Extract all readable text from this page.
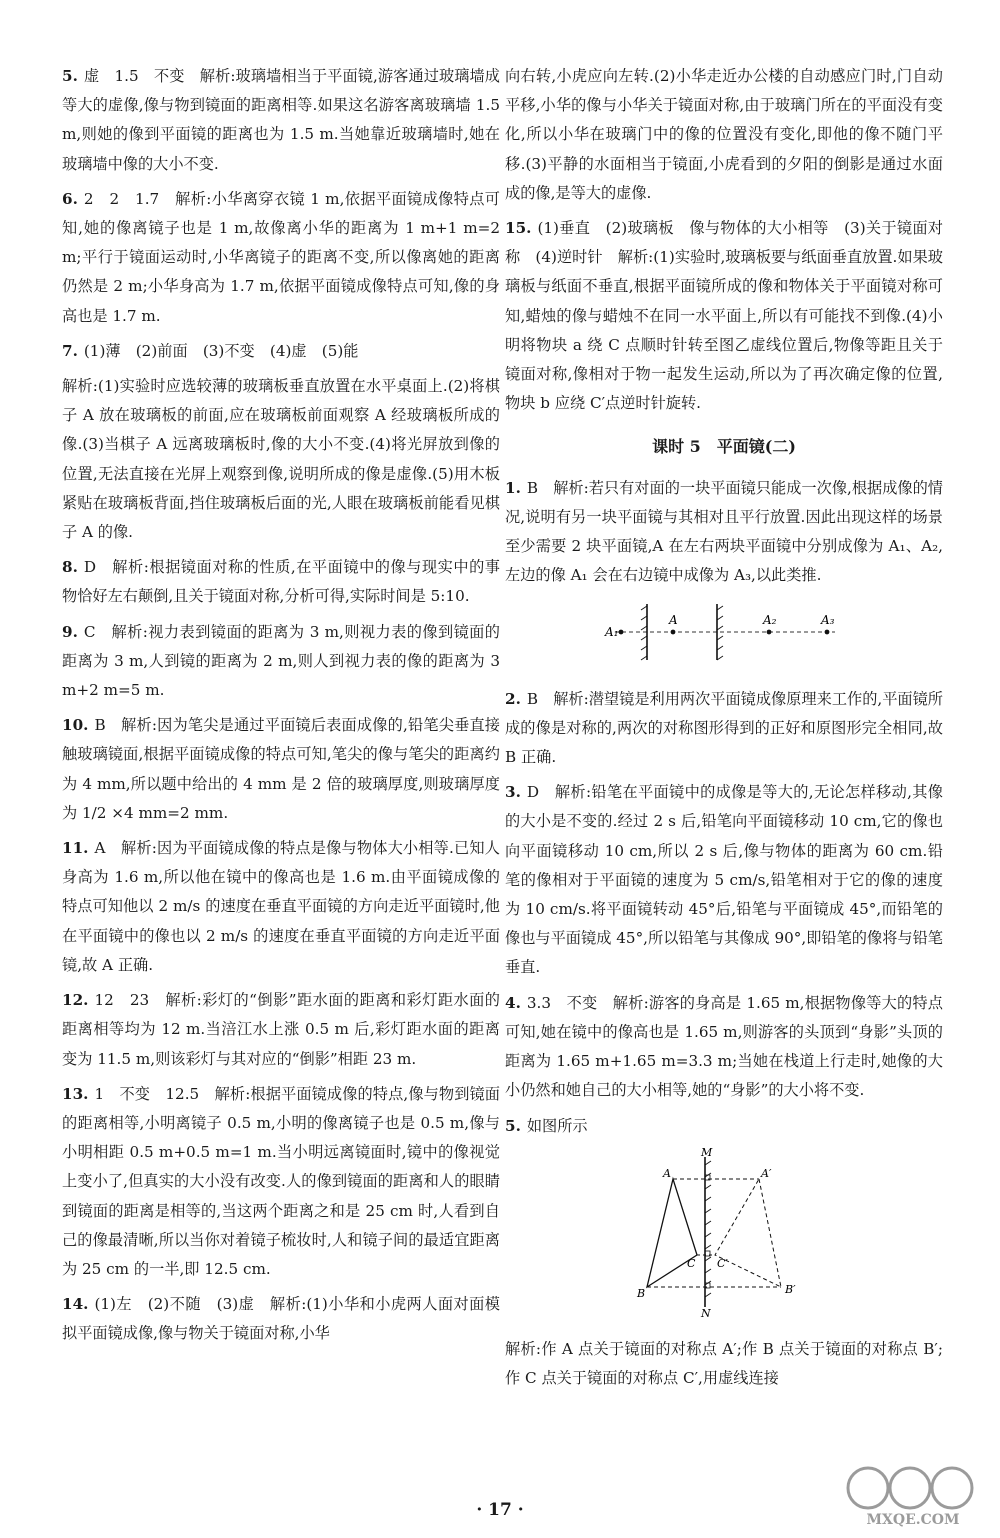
5. 虚　1.5　不变　解析:玻璃墙相当于平面镜,游客通过玻璃墙成等大的虚像,像与物到镜面的距离相等.如果这名游客离玻璃墙 1.5 m,则她的像到平面镜的距离也为 1.5 m.当她靠近玻璃墙时,她在玻璃墙中像的大小不变.

6. 2　2　1.7　解析:小华离穿衣镜 1 m,依据平面镜成像特点可知,她的像离镜子也是 1 m,故像离小华的距离为 1 m+1 m=2 m;平行于镜面运动时,小华离镜子的距离不变,所以像离她的距离仍然是 2 m;小华身高为 1.7 m,依据平面镜成像特点可知,像的身高也是 1.7 m.

7. (1)薄　(2)前面　(3)不变　(4)虚　(5)能

解析:(1)实验时应选较薄的玻璃板垂直放置在水平桌面上.(2)将棋子 A 放在玻璃板的前面,应在玻璃板前面观察 A 经玻璃板所成的像.(3)当棋子 A 远离玻璃板时,像的大小不变.(4)将光屏放到像的位置,无法直接在光屏上观察到像,说明所成的像是虚像.(5)用木板紧贴在玻璃板背面,挡住玻璃板后面的光,人眼在玻璃板前能看见棋子 A 的像.

8. D　解析:根据镜面对称的性质,在平面镜中的像与现实中的事物恰好左右颠倒,且关于镜面对称,分析可得,实际时间是 5:10.

9. C　解析:视力表到镜面的距离为 3 m,则视力表的像到镜面的距离为 3 m,人到镜的距离为 2 m,则人到视力表的像的距离为 3 m+2 m=5 m.

10. B　解析:因为笔尖是通过平面镜后表面成像的,铅笔尖垂直接触玻璃镜面,根据平面镜成像的特点可知,笔尖的像与笔尖的距离约为 4 mm,所以题中给出的 4 mm 是 2 倍的玻璃厚度,则玻璃厚度为 1/2 ×4 mm=2 mm.

11. A　解析:因为平面镜成像的特点是像与物体大小相等.已知人身高为 1.6 m,所以他在镜中的像高也是 1.6 m.由平面镜成像的特点可知他以 2 m/s 的速度在垂直平面镜的方向走近平面镜时,他在平面镜中的像也以 2 m/s 的速度在垂直平面镜的方向走近平面镜,故 A 正确.

12. 12　23　解析:彩灯的“倒影”距水面的距离和彩灯距水面的距离相等均为 12 m.当涪江水上涨 0.5 m 后,彩灯距水面的距离变为 11.5 m,则该彩灯与其对应的“倒影”相距 23 m.

13. 1　不变　12.5　解析:根据平面镜成像的特点,像与物到镜面的距离相等,小明离镜子 0.5 m,小明的像离镜子也是 0.5 m,像与小明相距 0.5 m+0.5 m=1 m.当小明远离镜面时,镜中的像视觉上变小了,但真实的大小没有改变.人的像到镜面的距离和人的眼睛到镜面的距离是相等的,当这两个距离之和是 25 cm 时,人看到自己的像最清晰,所以当你对着镜子梳妆时,人和镜子间的最适宜距离为 25 cm 的一半,即 12.5 cm.

14. (1)左　(2)不随　(3)虚　解析:(1)小华和小虎两人面对面模拟平面镜成像,像与物关于镜面对称,小华

向右转,小虎应向左转.(2)小华走近办公楼的自动感应门时,门自动平移,小华的像与小华关于镜面对称,由于玻璃门所在的平面没有变化,所以小华在玻璃门中的像的位置没有变化,即他的像不随门平移.(3)平静的水面相当于镜面,小虎看到的夕阳的倒影是通过水面成的像,是等大的虚像.

15. (1)垂直　(2)玻璃板　像与物体的大小相等　(3)关于镜面对称　(4)逆时针　解析:(1)实验时,玻璃板要与纸面垂直放置.如果玻璃板与纸面不垂直,根据平面镜所成的像和物体关于平面镜对称可知,蜡烛的像与蜡烛不在同一水平面上,所以有可能找不到像.(4)小明将物块 a 绕 C 点顺时针转至图乙虚线位置后,物像等距且关于镜面对称,像相对于物一起发生运动,所以为了再次确定像的位置,物块 b 应绕 C′点逆时针旋转.

课时 5　平面镜(二)

1. B　解析:若只有对面的一块平面镜只能成一次像,根据成像的情况,说明有另一块平面镜与其相对且平行放置.因此出现这样的场景至少需要 2 块平面镜,A 在左右两块平面镜中分别成像为 A₁、A₂,左边的像 A₁ 会在右边镜中成像为 A₃,以此类推.

A₁
A	A₂	A₃

2. B　解析:潜望镜是利用两次平面镜成像原理来工作的,平面镜所成的像是对称的,两次的对称图形得到的正好和原图形完全相同,故 B 正确.

3. D　解析:铅笔在平面镜中的成像是等大的,无论怎样移动,其像的大小是不变的.经过 2 s 后,铅笔向平面镜移动 10 cm,它的像也向平面镜移动 10 cm,所以 2 s 后,像与物体的距离为 60 cm.铅笔的像相对于平面镜的速度为 5 cm/s,铅笔相对于它的像的速度为 10 cm/s.将平面镜转动 45°后,铅笔与平面镜成 45°,而铅笔的像也与平面镜成 45°,所以铅笔与其像成 90°,即铅笔的像将与铅笔垂直.

4. 3.3　不变　解析:游客的身高是 1.65 m,根据物像等大的特点可知,她在镜中的像高也是 1.65 m,则游客的头顶到“身影”头顶的距离为 1.65 m+1.65 m=3.3 m;当她在栈道上行走时,她像的大小仍然和她自己的大小相等,她的“身影”的大小将不变.

5. 如图所示

M
N
A	A′
B	B′
C C′

解析:作 A 点关于镜面的对称点 A′;作 B 点关于镜面的对称点 B′;作 C 点关于镜面的对称点 C′,用虚线连接

· 17 ·	MXQE.COM
